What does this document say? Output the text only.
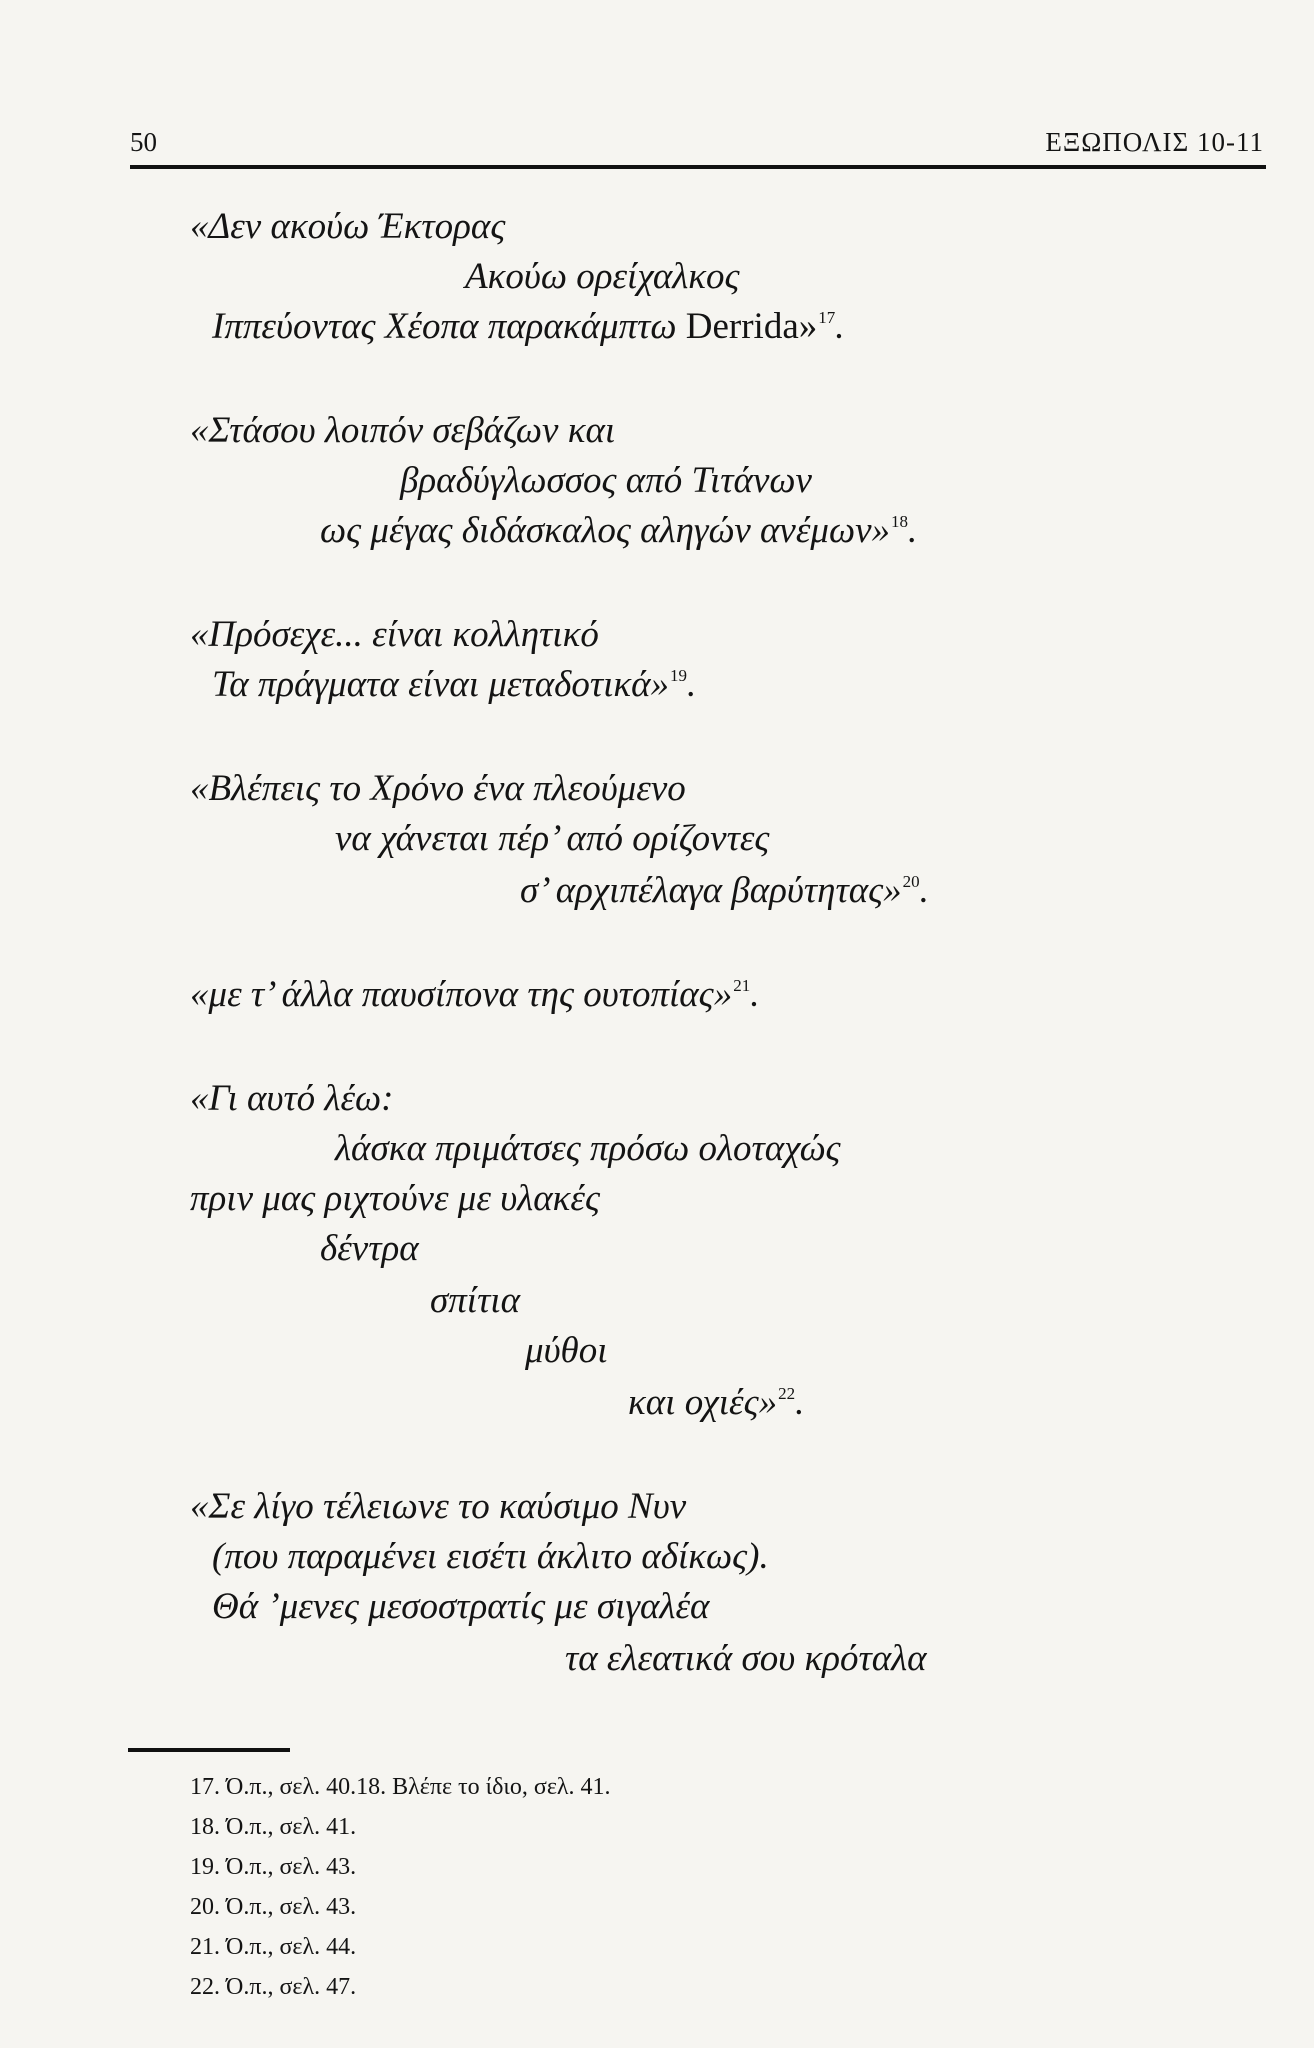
50	ΕΞΩΠΟΛΙΣ 10-11
«Δεν ακούω Έκτορας
Ακούω ορείχαλκος
Ιππεύοντας Χέοπα παρακάμπτω Derrida»$^{17}$.
«Στάσου λοιπόν σεβάζων και
βραδύγλωσσος από Τιτάνων
ως μέγας διδάσκαλος αληγών ανέμων»$^{18}$.
«Πρόσεχε... είναι κολλητικό
Τα πράγματα είναι μεταδοτικά»$^{19}$.
«Βλέπεις το Χρόνο ένα πλεούμενο
να χάνεται πέρ’ από ορίζοντες
σ’ αρχιπέλαγα βαρύτητας»$^{20}$.
«με τ’ άλλα παυσίπονα της ουτοπίας»$^{21}$.
«Γι αυτό λέω:
λάσκα πριμάτσες πρόσω ολοταχώς
πριν μας ριχτούνε με υλακές
δέντρα
σπίτια
μύθοι
και οχιές»$^{22}$.
«Σε λίγο τέλειωνε το καύσιμο Νυν
(που παραμένει εισέτι άκλιτο αδίκως).
Θά ’μενες μεσοστρατίς με σιγαλέα
τα ελεατικά σου κρόταλα
17. Ό.π., σελ. 40.18. Βλέπε το ίδιο, σελ. 41.
18. Ό.π., σελ. 41.
19. Ό.π., σελ. 43.
20. Ό.π., σελ. 43.
21. Ό.π., σελ. 44.
22. Ό.π., σελ. 47.
